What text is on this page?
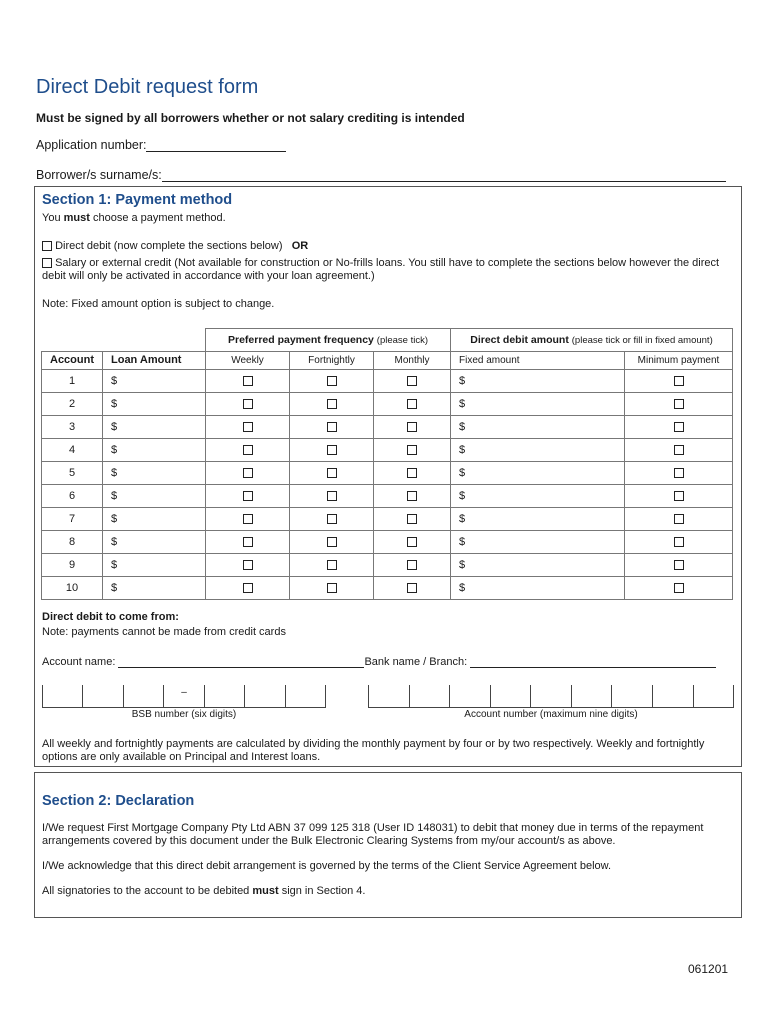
Direct Debit request form
Must be signed by all borrowers whether or not salary crediting is intended
Application number:
Borrower/s surname/s:
Section 1: Payment method
You must choose a payment method.
Direct debit (now complete the sections below) OR
Salary or external credit (Not available for construction or No-frills loans. You still have to complete the sections below however the direct debit will only be activated in accordance with your loan agreement.)
Note: Fixed amount option is subject to change.
		Preferred payment frequency (please tick)			Direct debit amount (please tick or fill in fixed amount)	
Account	Loan Amount	Weekly	Fortnightly	Monthly	Fixed amount	Minimum payment
1	$				$	
2	$				$	
3	$				$	
4	$				$	
5	$				$	
6	$				$	
7	$				$	
8	$				$	
9	$				$	
10	$				$	
Direct debit to come from:
Note: payments cannot be made from credit cards
Account name:	Bank name / Branch:
–
BSB number (six digits)	Account number (maximum nine digits)
All weekly and fortnightly payments are calculated by dividing the monthly payment by four or by two respectively. Weekly and fortnightly options are only available on Principal and Interest loans.
Section 2: Declaration
I/We request First Mortgage Company Pty Ltd ABN 37 099 125 318 (User ID 148031) to debit that money due in terms of the repayment arrangements covered by this document under the Bulk Electronic Clearing Systems from my/our account/s as above.
I/We acknowledge that this direct debit arrangement is governed by the terms of the Client Service Agreement below.
All signatories to the account to be debited must sign in Section 4.
061201
